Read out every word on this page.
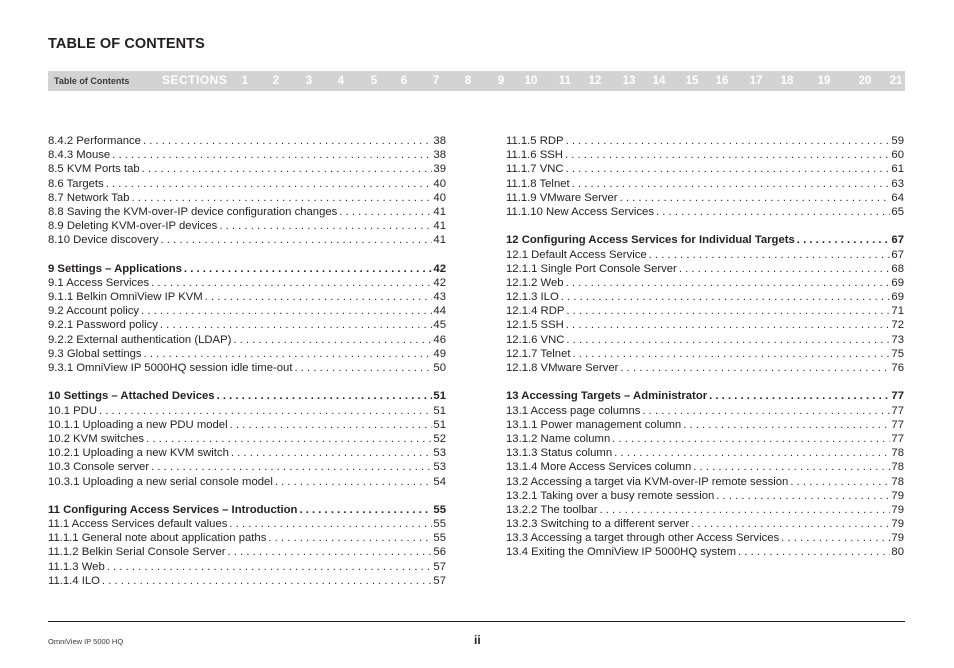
TABLE OF CONTENTS
Table of Contents	SECTIONS 1 2 3 4 5 6 7 8 9 10 11 12 13 14 15 16 17 18 19 20 21
8.4.2 Performance . . .	38
8.4.3 Mouse . . .	38
8.5 KVM Ports tab . . .	39
8.6 Targets . . .	40
8.7 Network Tab . . .	40
8.8 Saving the KVM-over-IP device configuration changes . . .	41
8.9 Deleting KVM-over-IP devices . . .	41
8.10 Device discovery . . .	41
9 Settings – Applications . . .	42
9.1 Access Services . . .	42
9.1.1 Belkin OmniView IP KVM . . .	43
9.2 Account policy . . .	44
9.2.1 Password policy . . .	45
9.2.2 External authentication (LDAP) . . .	46
9.3 Global settings . . .	49
9.3.1 OmniView IP 5000HQ session idle time-out . . .	50
10 Settings – Attached Devices . . .	51
10.1 PDU . . .	51
10.1.1 Uploading a new PDU model . . .	51
10.2 KVM switches . . .	52
10.2.1 Uploading a new KVM switch . . .	53
10.3 Console server . . .	53
10.3.1 Uploading a new serial console model . . .	54
11 Configuring Access Services – Introduction . . .	55
11.1 Access Services default values . . .	55
11.1.1 General note about application paths . . .	55
11.1.2 Belkin Serial Console Server . . .	56
11.1.3 Web . . .	57
11.1.4 ILO . . .	57
11.1.5 RDP . . .	59
11.1.6 SSH . . .	60
11.1.7 VNC . . .	61
11.1.8 Telnet . . .	63
11.1.9 VMware Server . . .	64
11.1.10 New Access Services . . .	65
12 Configuring Access Services for Individual Targets . . .	67
12.1 Default Access Service . . .	67
12.1.1 Single Port Console Server . . .	68
12.1.2 Web . . .	69
12.1.3 ILO . . .	69
12.1.4 RDP . . .	71
12.1.5 SSH . . .	72
12.1.6 VNC . . .	73
12.1.7 Telnet . . .	75
12.1.8 VMware Server . . .	76
13 Accessing Targets – Administrator . . .	77
13.1 Access page columns . . .	77
13.1.1 Power management column . . .	77
13.1.2 Name column . . .	77
13.1.3 Status column . . .	78
13.1.4 More Access Services column . . .	78
13.2 Accessing a target via KVM-over-IP remote session . . .	78
13.2.1 Taking over a busy remote session . . .	79
13.2.2 The toolbar . . .	79
13.2.3 Switching to a different server . . .	79
13.3 Accessing a target through other Access Services . . .	79
13.4 Exiting the OmniView IP 5000HQ system . . .	80
OmniView IP 5000 HQ	ii
